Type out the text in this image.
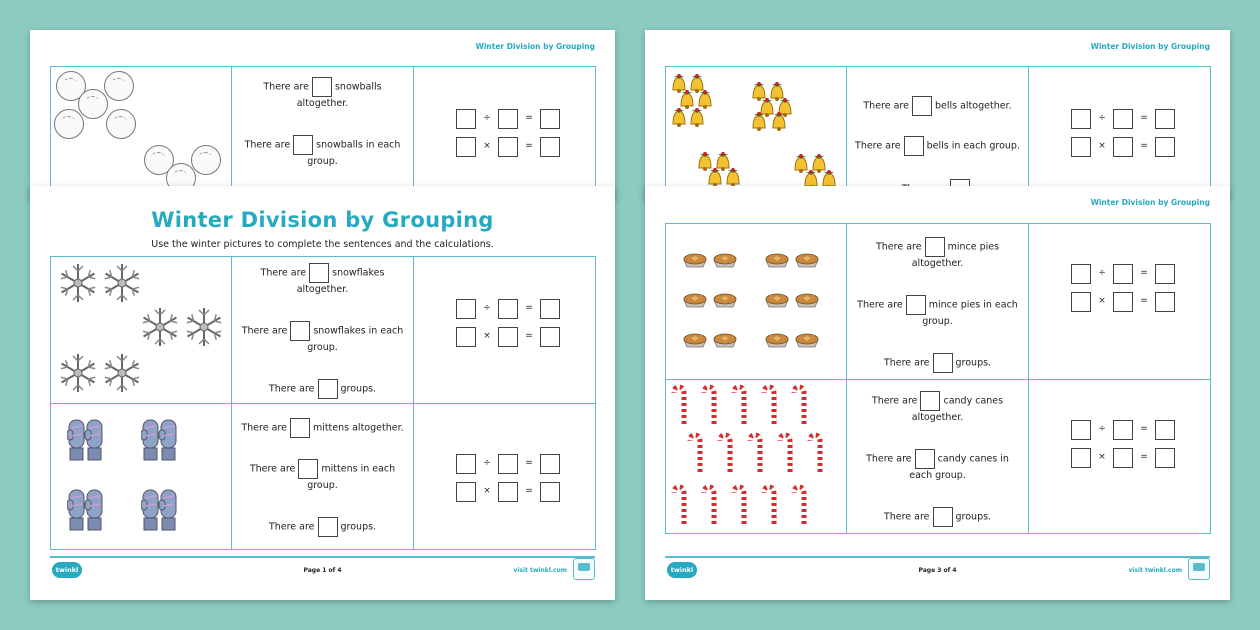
Winter Division by Grouping
There are	snowballs
altogether.
There are	snowballs in each
group.
÷	=
×	=
Winter Division by Grouping
There are	bells altogether.
There are	bells in each group.
÷	=
×	=
Winter Division by Grouping
Use the winter pictures to complete the sentences and the calculations.
There are	snowflakes
altogether.
There are	snowflakes in each
group.
There are	groups.
÷	=
×	=
There are	mittens altogether.
There are	mittens in each
group.
There are	groups.
÷	=
×	=
twinkl	Page 1 of 4	visit twinkl.com
Winter Division by Grouping
There are	mince pies
altogether.
There are	mince pies in each
group.
There are	groups.
÷	=
×	=
There are	candy canes
altogether.
There are	candy canes in
each group.
There are	groups.
÷	=
×	=
twinkl	Page 3 of 4	visit twinkl.com
